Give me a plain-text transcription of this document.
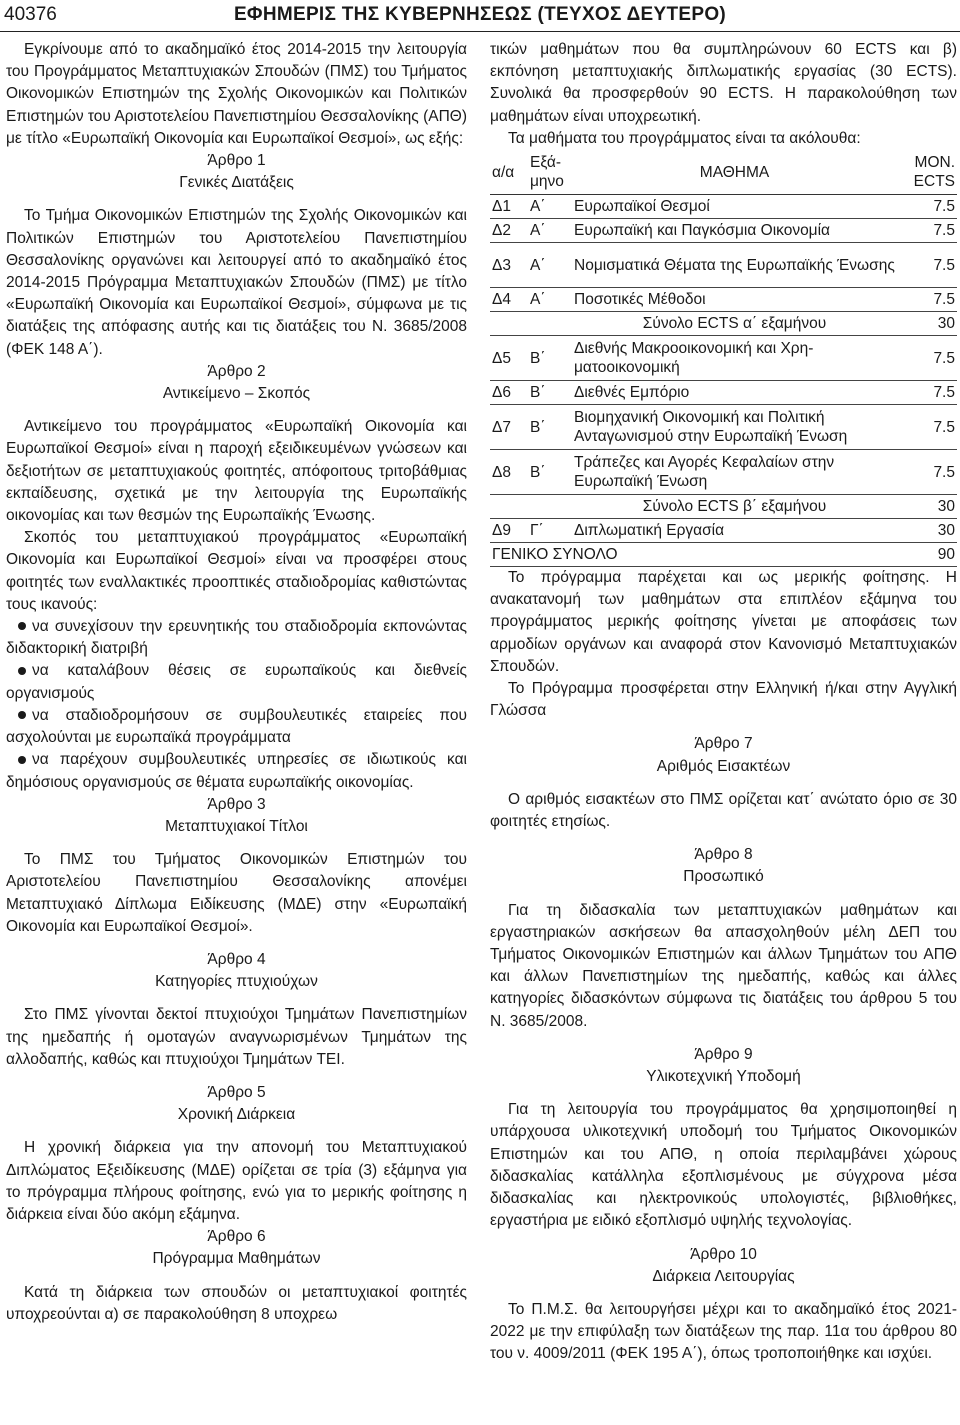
40376	ΕΦΗΜΕΡΙΣ ΤΗΣ ΚΥΒΕΡΝΗΣΕΩΣ (ΤΕΥΧΟΣ ΔΕΥΤΕΡΟ)

Εγκρίνουμε από το ακαδημαϊκό έτος 2014-2015 την λειτουργία του Προγράμματος Μεταπτυχιακών Σπουδών (ΠΜΣ) του Τμήματος Οικονομικών Επιστημών της Σχολής Οικονομικών και Πολιτικών Επιστημών του Αριστοτελείου Πανεπιστημίου Θεσσαλονίκης (ΑΠΘ) με τίτλο «Ευρωπαϊκή Οικονομία και Ευρωπαϊκοί Θεσμοί», ως εξής:

Άρθρο 1

Γενικές Διατάξεις

Το Τμήμα Οικονομικών Επιστημών της Σχολής Οικονομικών και Πολιτικών Επιστημών του Αριστοτελείου Πανεπιστημίου Θεσσαλονίκης οργανώνει και λειτουργεί από το ακαδημαϊκό έτος 2014-2015 Πρόγραμμα Μεταπτυχιακών Σπουδών (ΠΜΣ) με τίτλο «Ευρωπαϊκή Οικονομία και Ευρωπαϊκοί Θεσμοί», σύμφωνα με τις διατάξεις της απόφασης αυτής και τις διατάξεις του Ν. 3685/2008 (ΦΕΚ 148 Α΄).

Άρθρο 2

Αντικείμενο – Σκοπός

Αντικείμενο του προγράμματος «Ευρωπαϊκή Οικονομία και Ευρωπαϊκοί Θεσμοί» είναι η παροχή εξειδικευμένων γνώσεων και δεξιοτήτων σε μεταπτυχιακούς φοιτητές, απόφοιτους τριτοβάθμιας εκπαίδευσης, σχετικά με την λειτουργία της Ευρωπαϊκής οικονομίας και των θεσμών της Ευρωπαϊκής Ένωσης.

Σκοπός του μεταπτυχιακού προγράμματος «Ευρωπαϊκή Οικονομία και Ευρωπαϊκοί Θεσμοί» είναι να προσφέρει στους φοιτητές των εναλλακτικές προοπτικές σταδιοδρομίας καθιστώντας τους ικανούς:

να συνεχίσουν την ερευνητικής του σταδιοδρομία εκπονώντας διδακτορική διατριβή

να καταλάβουν θέσεις σε ευρωπαϊκούς και διεθνείς οργανισμούς

να σταδιοδρομήσουν σε συμβουλευτικές εταιρείες που ασχολούνται με ευρωπαϊκά προγράμματα

να παρέχουν συμβουλευτικές υπηρεσίες σε ιδιωτικούς και δημόσιους οργανισμούς σε θέματα ευρωπαϊκής οικονομίας.

Άρθρο 3

Μεταπτυχιακοί Τίτλοι

Το ΠΜΣ του Τμήματος Οικονομικών Επιστημών του Αριστοτελείου Πανεπιστημίου Θεσσαλονίκης απονέμει Μεταπτυχιακό Δίπλωμα Ειδίκευσης (ΜΔΕ) στην «Ευρωπαϊκή Οικονομία και Ευρωπαϊκοί Θεσμοί».

Άρθρο 4

Κατηγορίες πτυχιούχων

Στο ΠΜΣ γίνονται δεκτοί πτυχιούχοι Τμημάτων Πανεπιστημίων της ημεδαπής ή ομοταγών αναγνωρισμένων Τμημάτων της αλλοδαπής, καθώς και πτυχιούχοι Τμημάτων ΤΕΙ.

Άρθρο 5

Χρονική Διάρκεια

Η χρονική διάρκεια για την απονομή του Μεταπτυχιακού Διπλώματος Εξειδίκευσης (ΜΔΕ) ορίζεται σε τρία (3) εξάμηνα για το πρόγραμμα πλήρους φοίτησης, ενώ για το μερικής φοίτησης η διάρκεια είναι δύο ακόμη εξάμηνα.

Άρθρο 6

Πρόγραμμα Μαθημάτων

Κατά τη διάρκεια των σπουδών οι μεταπτυχιακοί φοιτητές υποχρεούνται α) σε παρακολούθηση 8 υποχρεω

τικών μαθημάτων που θα συμπληρώνουν 60 ECTS και β) εκπόνηση μεταπτυχιακής διπλωματικής εργασίας (30 ECTS). Συνολικά θα προσφερθούν 90 ECTS. Η παρακολούθηση των μαθημάτων είναι υποχρεωτική.

Τα μαθήματα του προγράμματος είναι τα ακόλουθα:

α/α	Εξάμηνο	ΜΑΘΗΜΑ	ΜΟΝ. ECTS
Δ1	Α΄	Ευρωπαϊκοί Θεσμοί	7.5
Δ2	Α΄	Ευρωπαϊκή και Παγκόσμια Οικονομία	7.5
Δ3	Α΄	Νομισματικά Θέματα της Ευρωπαϊκής Ένωσης	7.5
Δ4	Α΄	Ποσοτικές Μέθοδοι	7.5
		Σύνολο ECTS α΄ εξαμήνου	30
Δ5	Β΄	Διεθνής Μακροοικονομική και Χρηματοοικονομική	7.5
Δ6	Β΄	Διεθνές Εμπόριο	7.5
Δ7	Β΄	Βιομηχανική Οικονομική και Πολιτική Ανταγωνισμού στην Ευρωπαϊκή Ένωση	7.5
Δ8	Β΄	Τράπεζες και Αγορές Κεφαλαίων στην Ευρωπαϊκή Ένωση	7.5
		Σύνολο ECTS β΄ εξαμήνου	30
Δ9	Γ΄	Διπλωματική Εργασία	30
ΓΕΝΙΚΟ ΣΥΝΟΛΟ			90

Το πρόγραμμα παρέχεται και ως μερικής φοίτησης. Η ανακατανομή των μαθημάτων στα επιπλέον εξάμηνα του προγράμματος μερικής φοίτησης γίνεται με αποφάσεις των αρμοδίων οργάνων και αναφορά στον Κανονισμό Μεταπτυχιακών Σπουδών.

Το Πρόγραμμα προσφέρεται στην Ελληνική ή/και στην Αγγλική Γλώσσα

Άρθρο 7

Αριθμός Εισακτέων

Ο αριθμός εισακτέων στο ΠΜΣ ορίζεται κατ΄ ανώτατο όριο σε 30 φοιτητές ετησίως.

Άρθρο 8

Προσωπικό

Για τη διδασκαλία των μεταπτυχιακών μαθημάτων και εργαστηριακών ασκήσεων θα απασχοληθούν μέλη ΔΕΠ του Τμήματος Οικονομικών Επιστημών και άλλων Τμημάτων του ΑΠΘ και άλλων Πανεπιστημίων της ημεδαπής, καθώς και άλλες κατηγορίες διδασκόντων σύμφωνα τις διατάξεις του άρθρου 5 του Ν. 3685/2008.

Άρθρο 9

Υλικοτεχνική Υποδομή

Για τη λειτουργία του προγράμματος θα χρησιμοποιηθεί η υπάρχουσα υλικοτεχνική υποδομή του Τμήματος Οικονομικών Επιστημών και του ΑΠΘ, η οποία περιλαμβάνει χώρους διδασκαλίας κατάλληλα εξοπλισμένους με σύγχρονα μέσα διδασκαλίας και ηλεκτρονικούς υπολογιστές, βιβλιοθήκες, εργαστήρια με ειδικό εξοπλισμό υψηλής τεχνολογίας.

Άρθρο 10

Διάρκεια Λειτουργίας

Το Π.Μ.Σ. θα λειτουργήσει μέχρι και το ακαδημαϊκό έτος 2021-2022 με την επιφύλαξη των διατάξεων της παρ. 11α του άρθρου 80 του ν. 4009/2011 (ΦΕΚ 195 Α΄), όπως τροποποιήθηκε και ισχύει.
